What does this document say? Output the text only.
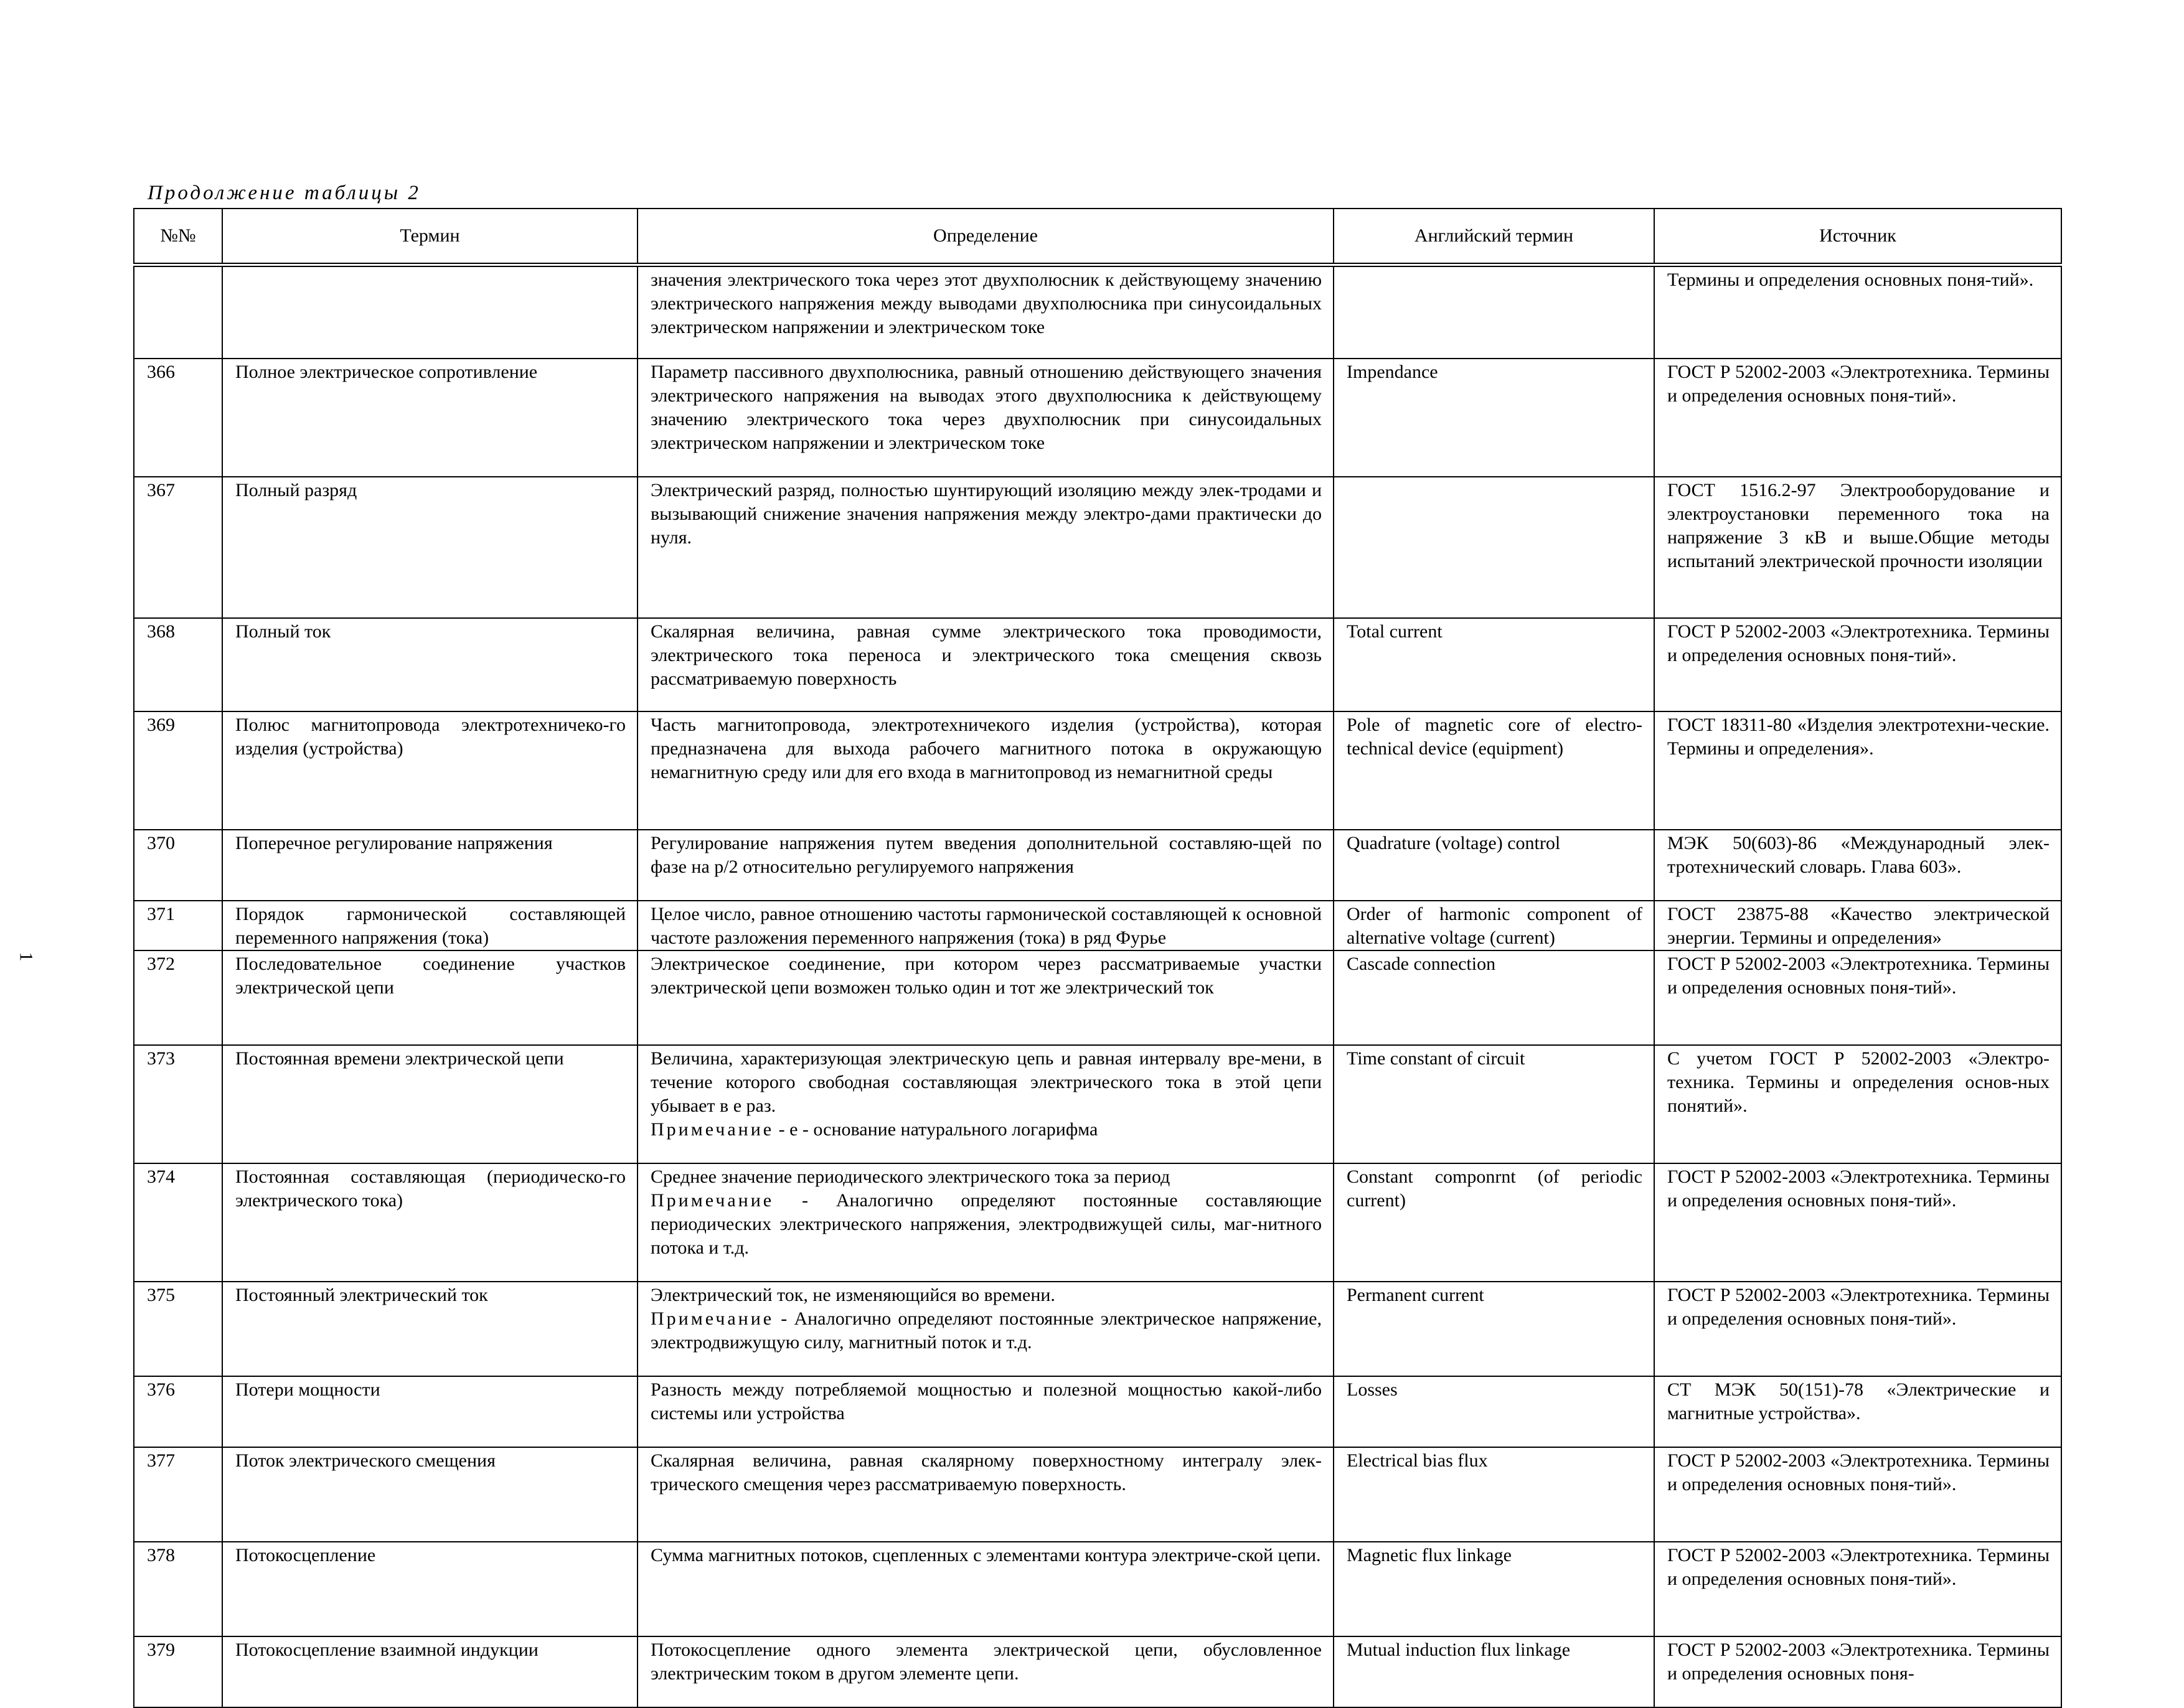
Продолжение таблицы 2
1
№№	Термин	Определение	Английский термин	Источник
		значения электрического тока через этот двухполюсник к действующему значению электрического напряжения между выводами двухполюсника при синусоидальных электрическом напряжении и электрическом токе		Термины и определения основных поня-тий».
366	Полное электрическое сопротивление	Параметр пассивного двухполюсника, равный отношению действующего значения электрического напряжения на выводах этого двухполюсника к действующему значению электрического тока через двухполюсник при синусоидальных электрическом напряжении и электрическом токе	Impendance	ГОСТ Р 52002-2003 «Электротехника. Термины и определения основных поня-тий».
367	Полный разряд	Электрический разряд, полностью шунтирующий изоляцию между элек-тродами и вызывающий снижение значения напряжения между электро-дами практически до нуля.		ГОСТ 1516.2-97 Электрооборудование и электроустановки переменного тока на напряжение 3 кВ и выше.Общие методы испытаний электрической прочности изоляции
368	Полный ток	Скалярная величина, равная сумме электрического тока проводимости, электрического тока переноса и электрического тока смещения сквозь рассматриваемую поверхность	Total current	ГОСТ Р 52002-2003 «Электротехника. Термины и определения основных поня-тий».
369	Полюс магнитопровода электротехничеко-го изделия (устройства)	Часть магнитопровода, электротехничекого изделия (устройства), которая предназначена для выхода рабочего магнитного потока в окружающую немагнитную среду или для его входа в магнитопровод из немагнитной среды	Pole of magnetic core of electro-technical device (equipment)	ГОСТ 18311-80 «Изделия электротехни-ческие. Термины и определения».
370	Поперечное регулирование напряжения	Регулирование напряжения путем введения дополнительной составляю-щей по фазе на p/2 относительно регулируемого напряжения	Quadrature (voltage) control	МЭК 50(603)-86 «Международный элек-тротехнический словарь. Глава 603».
371	Порядок гармонической составляющей переменного напряжения (тока)	Целое число, равное отношению частоты гармонической составляющей к основной частоте разложения переменного напряжения (тока) в ряд Фурье	Order of harmonic component of alternative voltage (current)	ГОСТ 23875-88 «Качество электрической энергии. Термины и определения»
372	Последовательное соединение участков электрической цепи	Электрическое соединение, при котором через рассматриваемые участки электрической цепи возможен только один и тот же электрический ток	Cascade connection	ГОСТ Р 52002-2003 «Электротехника. Термины и определения основных поня-тий».
373	Постоянная времени электрической цепи	Величина, характеризующая электрическую цепь и равная интервалу вре-мени, в течение которого свободная составляющая электрического тока в этой цепи убывает в e раз.
Примечание - e - основание натурального логарифма	Time constant of circuit	С учетом ГОСТ Р 52002-2003 «Электро-техника. Термины и определения основ-ных понятий».
374	Постоянная составляющая (периодическо-го электрического тока)	Среднее значение периодического электрического тока за период
Примечание - Аналогично определяют постоянные составляющие периодических электрического напряжения, электродвижущей силы, маг-нитного потока и т.д.	Constant componrnt (of periodic current)	ГОСТ Р 52002-2003 «Электротехника. Термины и определения основных поня-тий».
375	Постоянный электрический ток	Электрический ток, не изменяющийся во времени.
Примечание - Аналогично определяют постоянные электрическое напряжение, электродвижущую силу, магнитный поток и т.д.	Permanent current	ГОСТ Р 52002-2003 «Электротехника. Термины и определения основных поня-тий».
376	Потери мощности	Разность между потребляемой мощностью и полезной мощностью какой-либо системы или устройства	Losses	СТ МЭК 50(151)-78 «Электрические и магнитные устройства».
377	Поток электрического смещения	Скалярная величина, равная скалярному поверхностному интегралу элек-трического смещения через рассматриваемую поверхность.	Electrical bias flux	ГОСТ Р 52002-2003 «Электротехника. Термины и определения основных поня-тий».
378	Потокосцепление	Сумма магнитных потоков, сцепленных с элементами контура электриче-ской цепи.	Magnetic flux linkage	ГОСТ Р 52002-2003 «Электротехника. Термины и определения основных поня-тий».
379	Потокосцепление взаимной индукции	Потокосцепление одного элемента электрической цепи, обусловленное электрическим током в другом элементе цепи.	Mutual induction flux linkage	ГОСТ Р 52002-2003 «Электротехника. Термины и определения основных поня-
